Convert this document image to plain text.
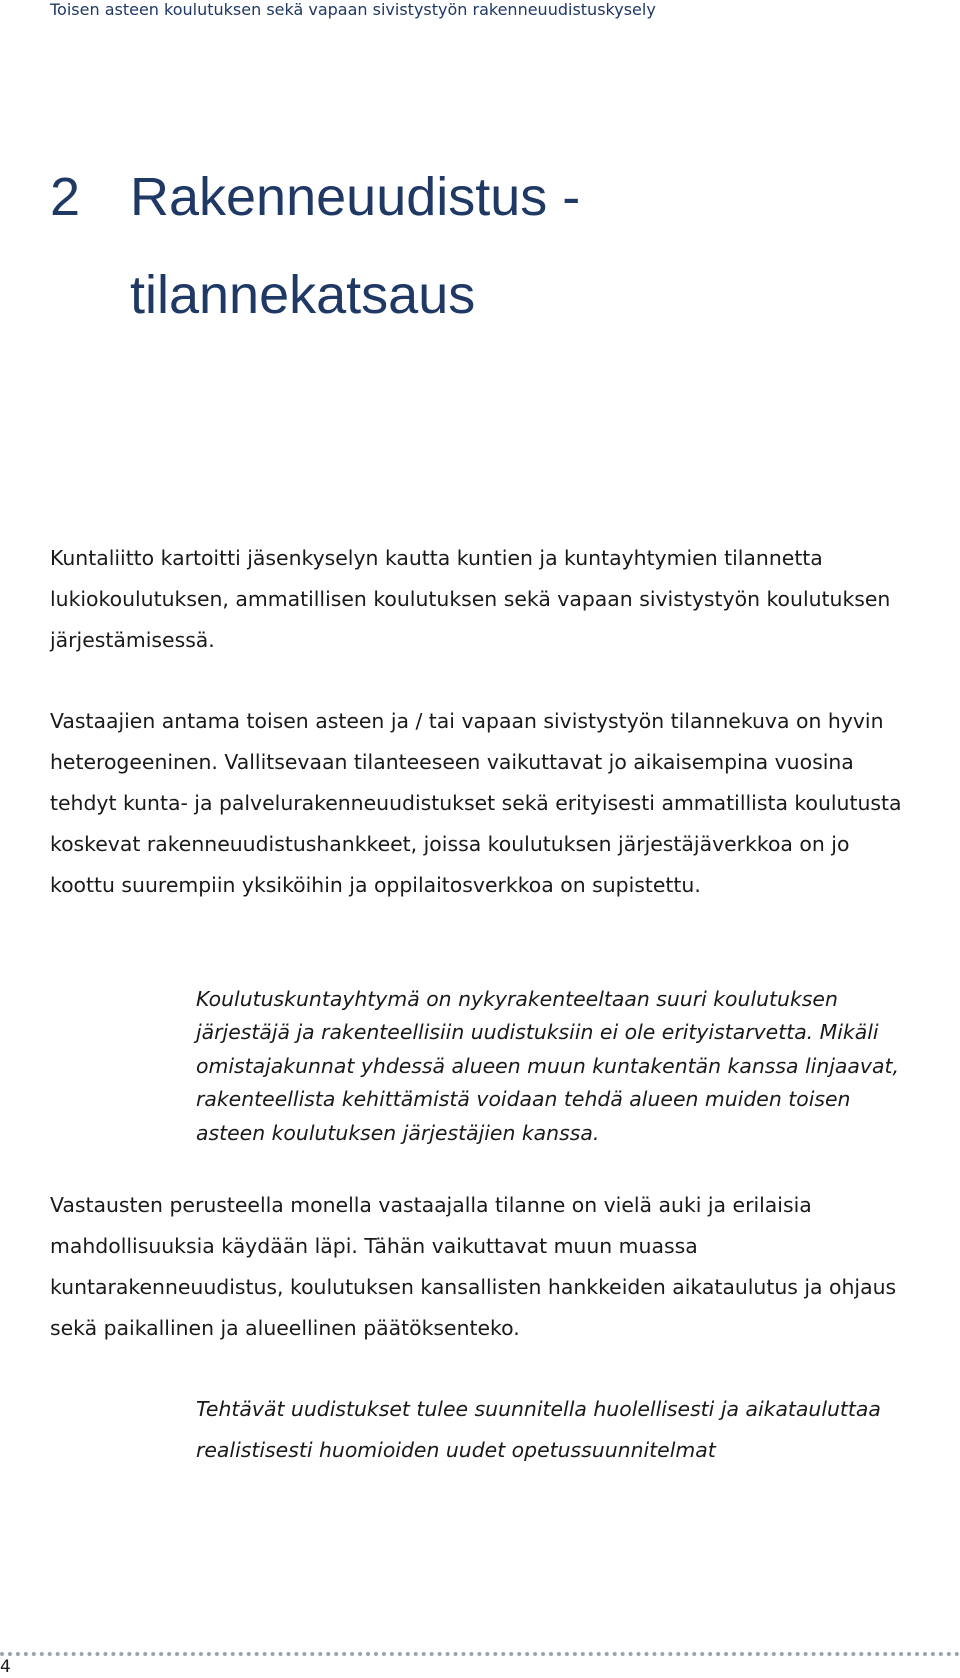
Toisen asteen koulutuksen sekä vapaan sivistystyön rakenneuudistuskysely
2 Rakenneuudistus - tilannekatsaus

Kuntaliitto kartoitti jäsenkyselyn kautta kuntien ja kuntayhtymien tilannetta lukiokoulutuksen, ammatillisen koulutuksen sekä vapaan sivistystyön koulutuksen järjestämisessä.

Vastaajien antama toisen asteen ja / tai vapaan sivistystyön tilannekuva on hyvin heterogeeninen. Vallitsevaan tilanteeseen vaikuttavat jo aikaisempina vuosina tehdyt kunta- ja palvelurakenneuudistukset sekä erityisesti ammatillista koulutusta koskevat rakenneuudistushankkeet, joissa koulutuksen järjestäjäverkkoa on jo koottu suurempiin yksiköihin ja oppilaitosverkkoa on supistettu.

Koulutuskuntayhtymä on nykyrakenteeltaan suuri koulutuksen järjestäjä ja rakenteellisiin uudistuksiin ei ole erityistarvetta. Mikäli omistajakunnat yhdessä alueen muun kuntakentän kanssa linjaavat, rakenteellista kehittämistä voidaan tehdä alueen muiden toisen asteen koulutuksen järjestäjien kanssa.

Vastausten perusteella monella vastaajalla tilanne on vielä auki ja erilaisia mahdollisuuksia käydään läpi. Tähän vaikuttavat muun muassa kuntarakenneuudistus, koulutuksen kansallisten hankkeiden aikataulutus ja ohjaus sekä paikallinen ja alueellinen päätöksenteko.

Tehtävät uudistukset tulee suunnitella huolellisesti ja aikatauluttaa realistisesti huomioiden uudet opetussuunnitelmat

4
